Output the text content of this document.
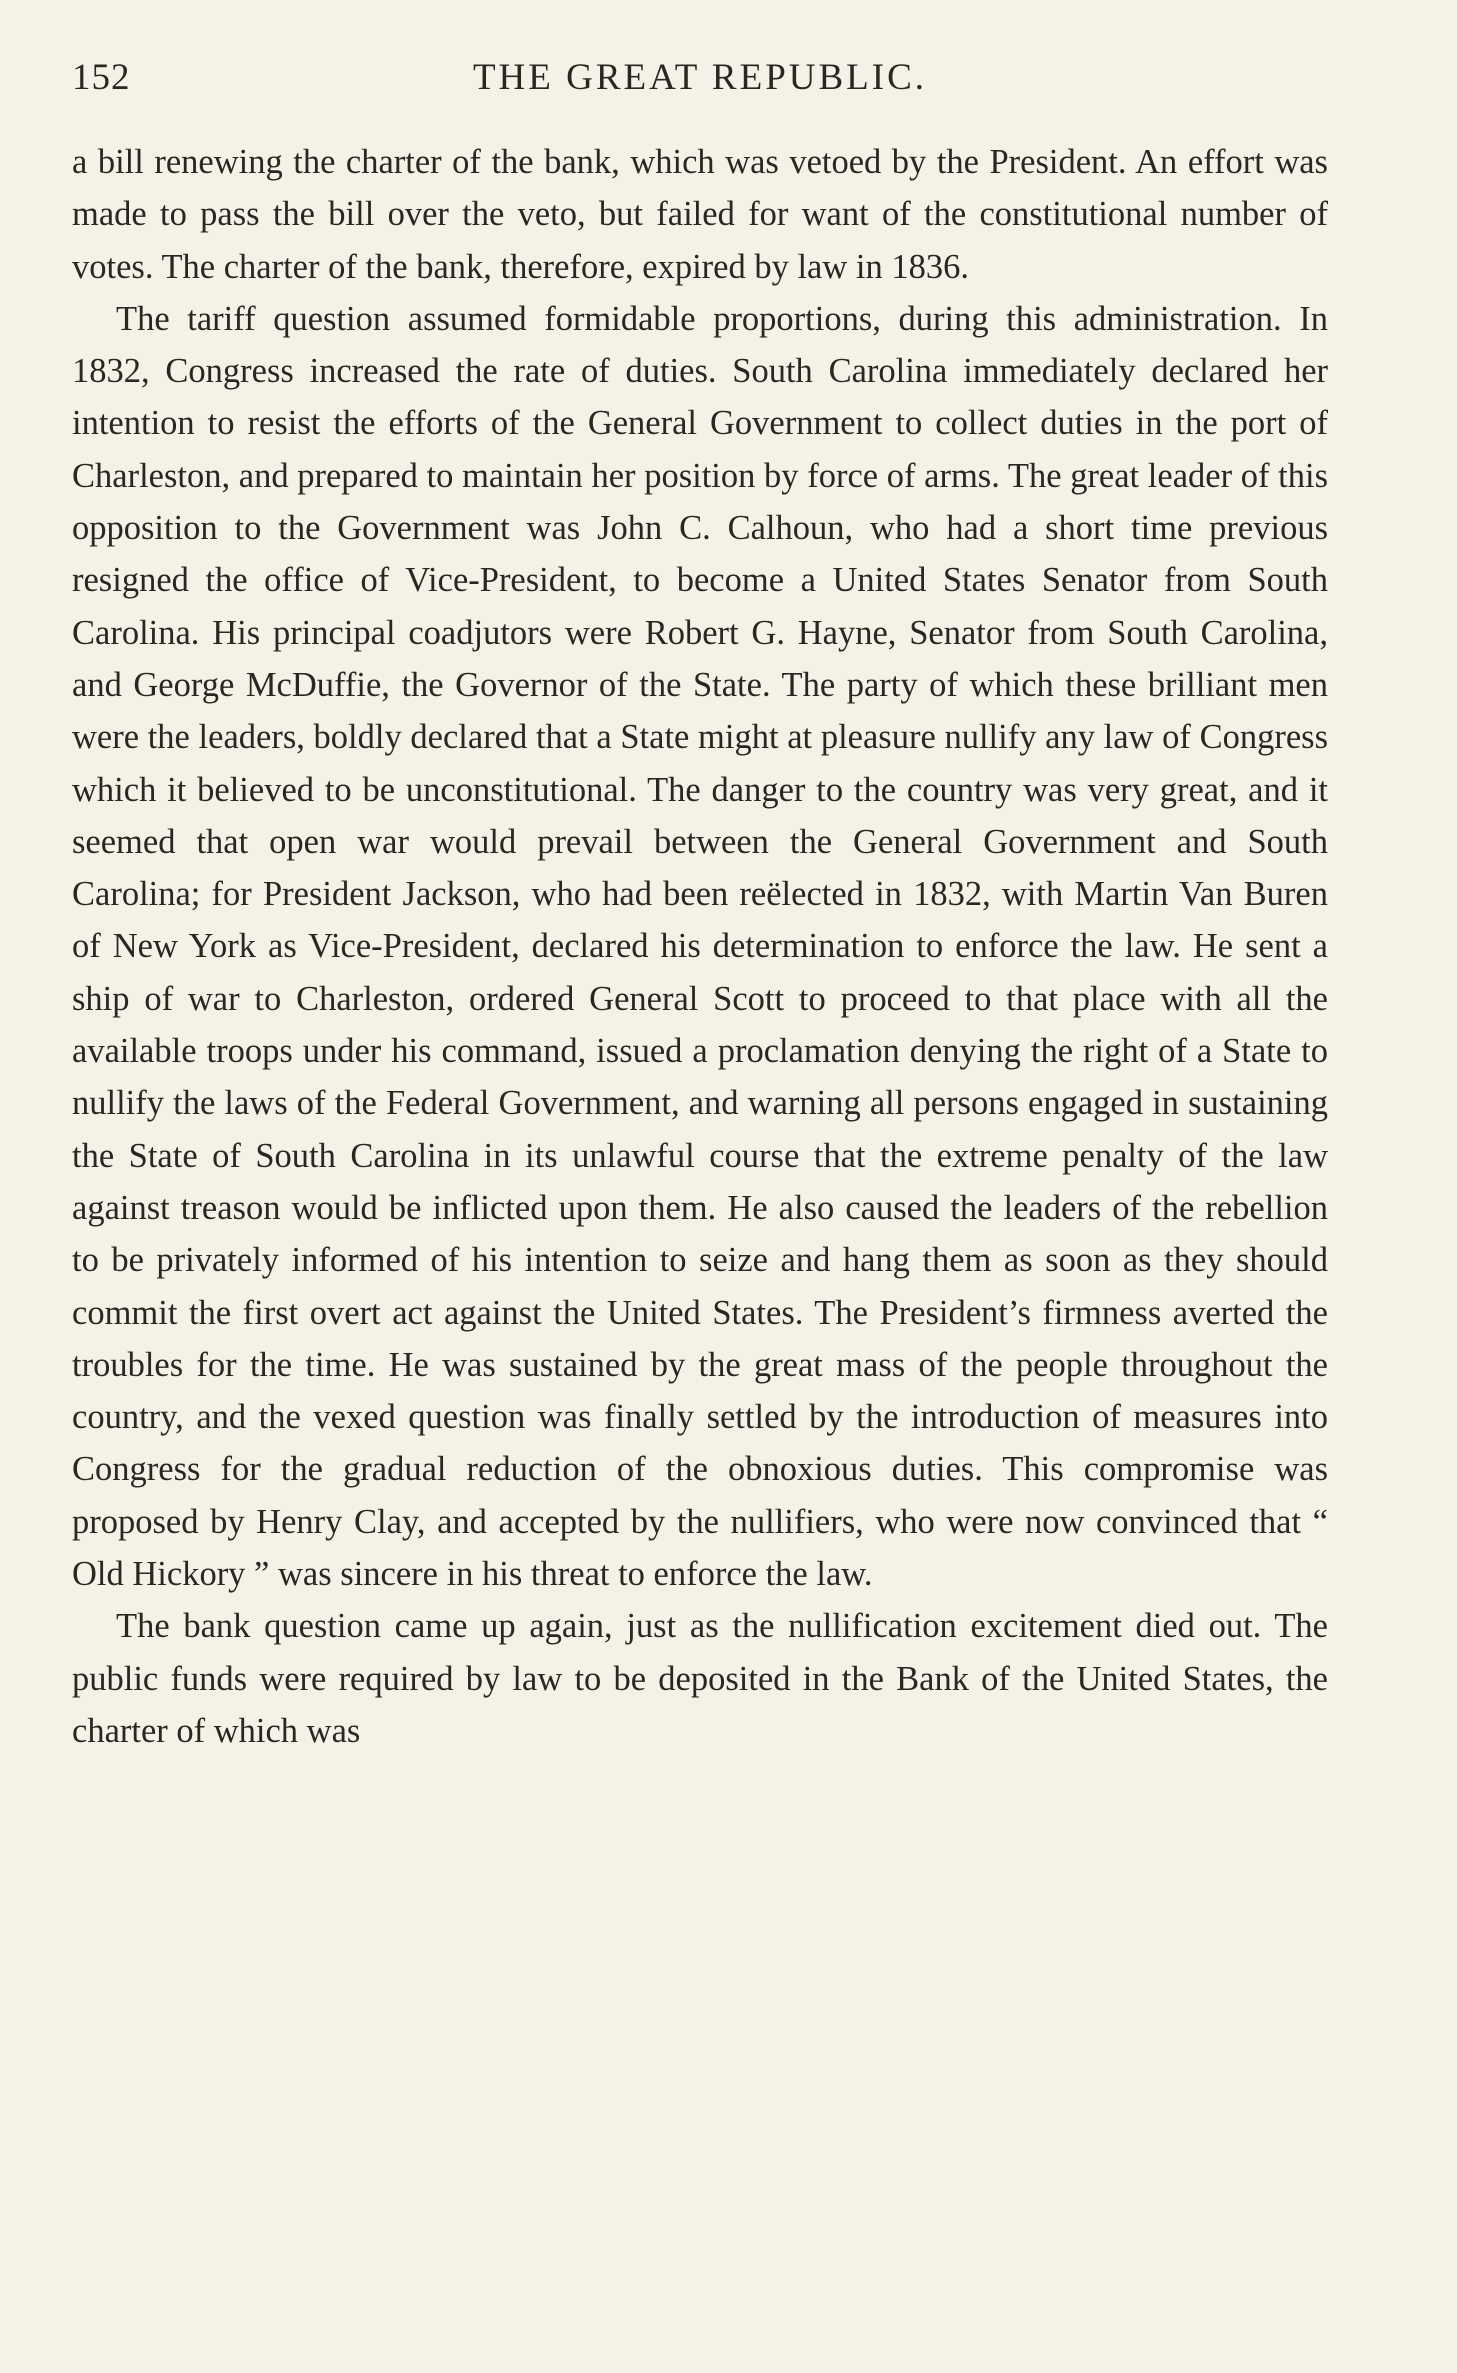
152	THE GREAT REPUBLIC.

a bill renewing the charter of the bank, which was vetoed by the President. An effort was made to pass the bill over the veto, but failed for want of the constitutional number of votes. The charter of the bank, therefore, expired by law in 1836.

The tariff question assumed formidable proportions, during this administration. In 1832, Congress increased the rate of duties. South Carolina immediately declared her intention to resist the efforts of the General Government to collect duties in the port of Charleston, and prepared to maintain her position by force of arms. The great leader of this opposition to the Government was John C. Calhoun, who had a short time previous resigned the office of Vice-President, to become a United States Senator from South Carolina. His principal coadjutors were Robert G. Hayne, Senator from South Carolina, and George McDuffie, the Governor of the State. The party of which these brilliant men were the leaders, boldly declared that a State might at pleasure nullify any law of Congress which it believed to be unconstitutional. The danger to the country was very great, and it seemed that open war would prevail between the General Government and South Carolina; for President Jackson, who had been reëlected in 1832, with Martin Van Buren of New York as Vice-President, declared his determination to enforce the law. He sent a ship of war to Charleston, ordered General Scott to proceed to that place with all the available troops under his command, issued a proclamation denying the right of a State to nullify the laws of the Federal Government, and warning all persons engaged in sustaining the State of South Carolina in its unlawful course that the extreme penalty of the law against treason would be inflicted upon them. He also caused the leaders of the rebellion to be privately informed of his intention to seize and hang them as soon as they should commit the first overt act against the United States. The President’s firmness averted the troubles for the time. He was sustained by the great mass of the people throughout the country, and the vexed question was finally settled by the introduction of measures into Congress for the gradual reduction of the obnoxious duties. This compromise was proposed by Henry Clay, and accepted by the nullifiers, who were now convinced that “ Old Hickory ” was sincere in his threat to enforce the law.

The bank question came up again, just as the nullification excitement died out. The public funds were required by law to be deposited in the Bank of the United States, the charter of which was
